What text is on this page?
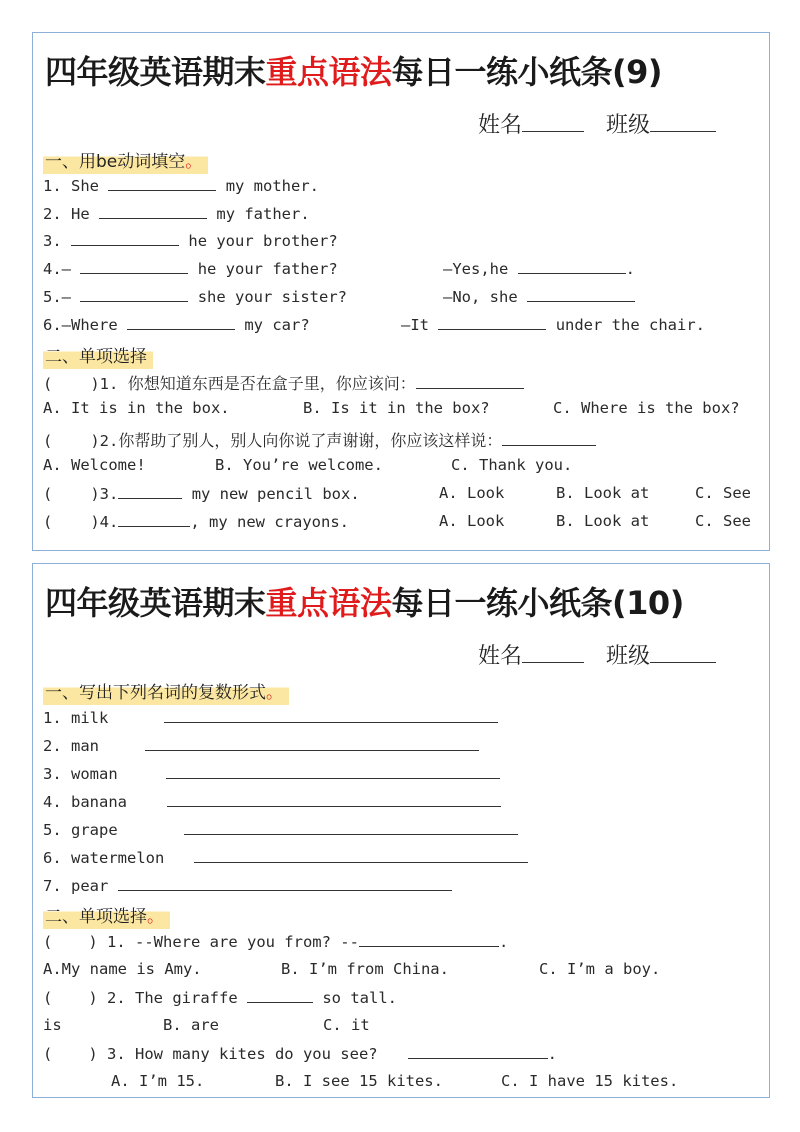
四年级英语期末重点语法每日一练小纸条(9)
姓名	班级
一、用be动词填空。
1. She	my mother.
2. He	my father.
3.	he your brother?
4.—	he your father?	—Yes,he	.
5.—	she your sister?	—No, she
6.—Where	my car?	—It	under the chair.
二、单项选择
( )1. 你想知道东西是否在盒子里，你应该问：
A. It is in the box.	B. Is it in the box?	C. Where is the box?
( )2.你帮助了别人，别人向你说了声谢谢，你应该这样说：
A. Welcome!	B. You’re welcome.	C. Thank you.
( )3.	my new pencil box.	A. Look	B. Look at	C. See
( )4.	, my new crayons.	A. Look	B. Look at	C. See
四年级英语期末重点语法每日一练小纸条(10)
姓名	班级
一、写出下列名词的复数形式。
1. milk
2. man
3. woman
4. banana
5. grape
6. watermelon
7. pear
二、单项选择。
( ) 1. --Where are you from? --	.
A.My name is Amy.	B. I’m from China.	C. I’m a boy.
( ) 2. The giraffe	so tall.
is	B. are	C. it
( ) 3. How many kites do you see?	.
A. I’m 15.	B. I see 15 kites.	C. I have 15 kites.
